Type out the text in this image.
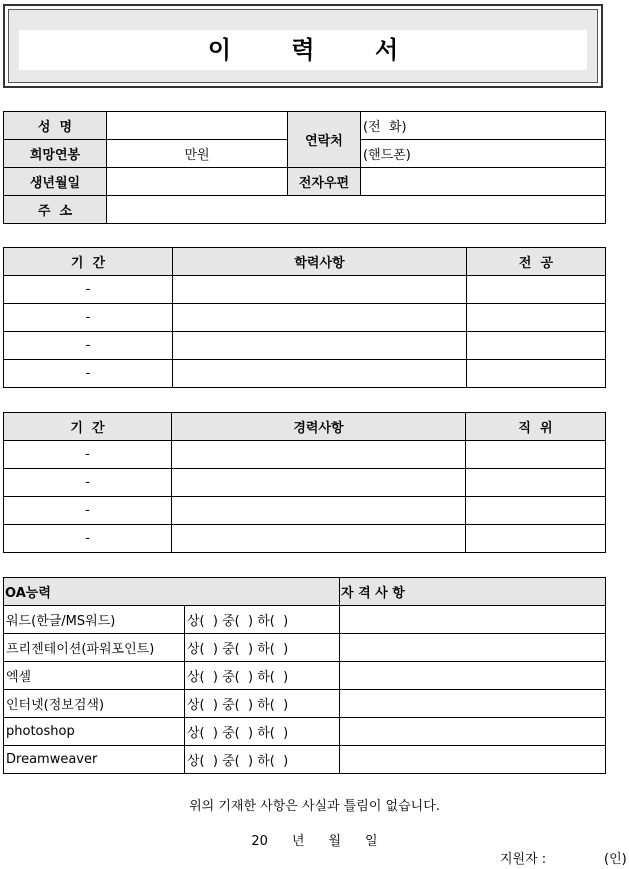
이 력 서
성  명		연락처	(전  화)
희망연봉	만원		(핸드폰)
생년월일		전자우편	
주  소			
기  간	학력사항	전  공
-		
-		
-		
-		
기  간	경력사항	직  위
-		
-		
-		
-		
OA능력		자 격 사 항
워드(한글/MS워드)	상(  ) 중(  ) 하(  )	
프리젠테이션(파워포인트)	상(  ) 중(  ) 하(  )	
엑셀	상(  ) 중(  ) 하(  )	
인터넷(정보검색)	상(  ) 중(  ) 하(  )	
photoshop	상(  ) 중(  ) 하(  )	
Dreamweaver	상(  ) 중(  ) 하(  )	
위의 기재한 사항은 사실과 틀림이 없습니다.
20 년 월 일
지원자 :	(인)
